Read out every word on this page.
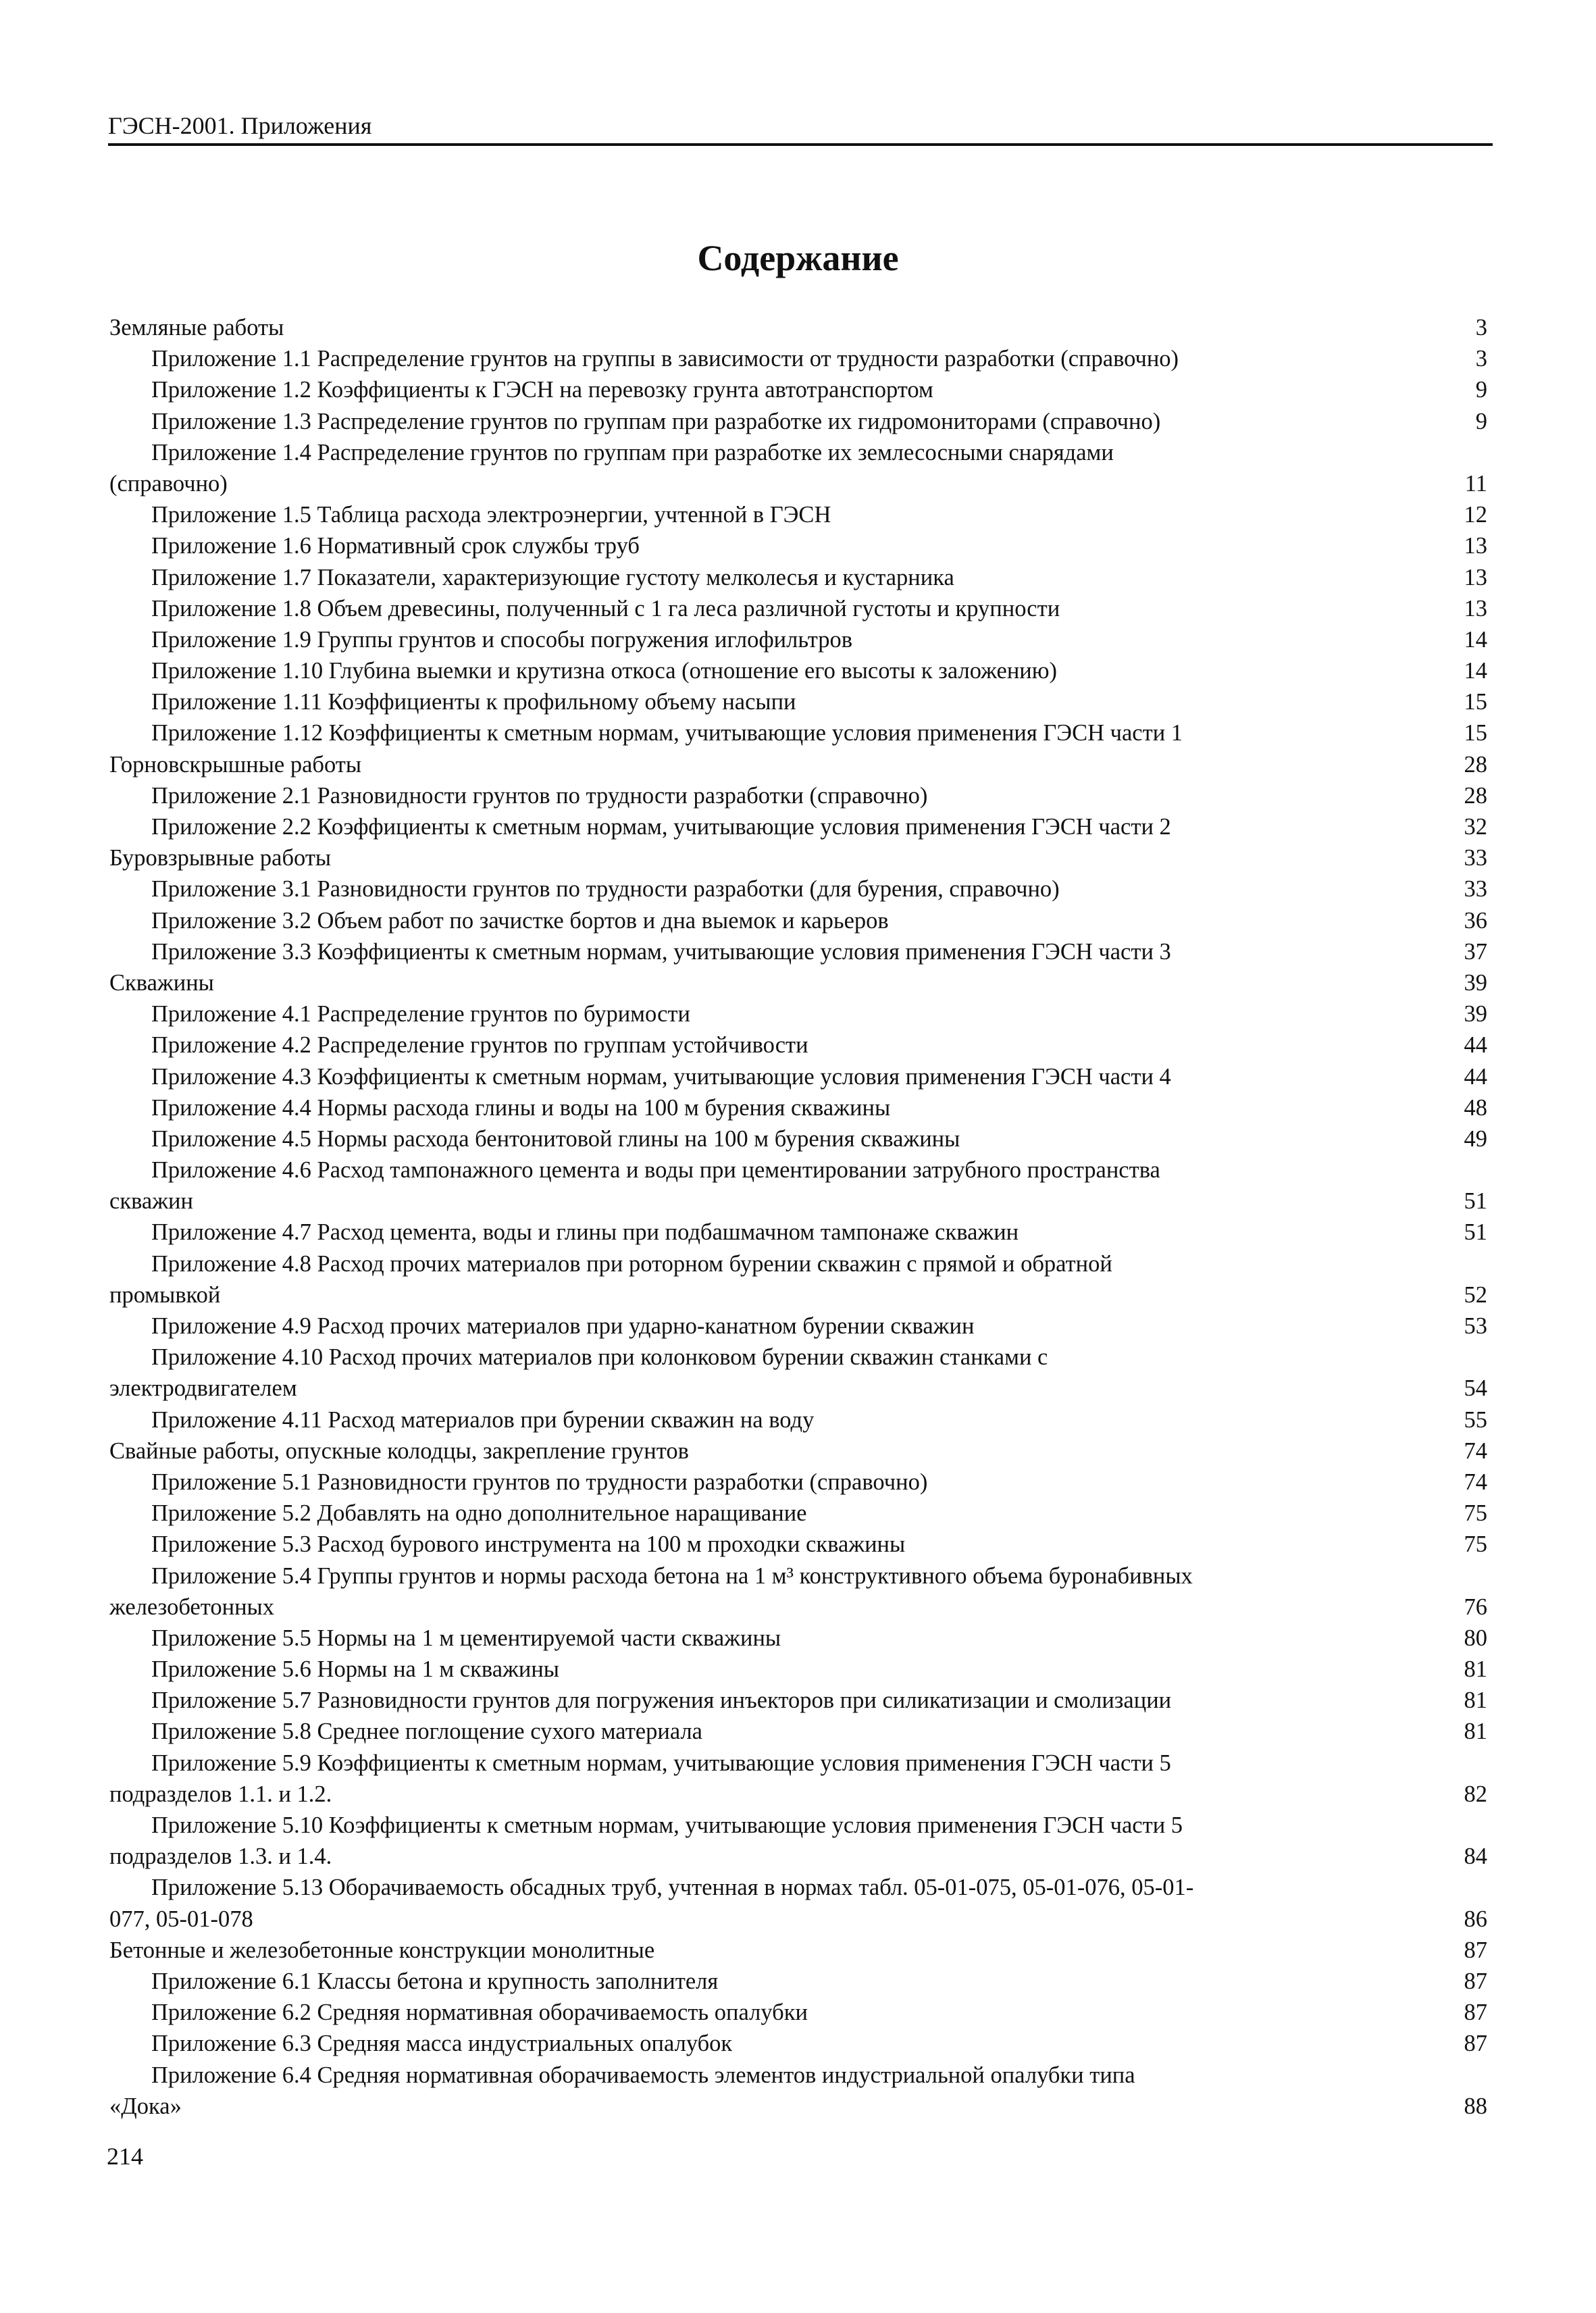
ГЭСН-2001. Приложения
Содержание
Земляные работы	3
Приложение 1.1 Распределение грунтов на группы в зависимости от трудности разработки (справочно)	3
Приложение 1.2 Коэффициенты к ГЭСН на перевозку грунта автотранспортом	9
Приложение 1.3 Распределение грунтов по группам при разработке их гидромониторами (справочно)	9
Приложение 1.4 Распределение грунтов по группам при разработке их землесосными снарядами
(справочно)	11
Приложение 1.5 Таблица расхода электроэнергии, учтенной в ГЭСН	12
Приложение 1.6 Нормативный срок службы труб	13
Приложение 1.7 Показатели, характеризующие густоту мелколесья и кустарника	13
Приложение 1.8 Объем древесины, полученный с 1 га леса различной густоты и крупности	13
Приложение 1.9 Группы грунтов и способы погружения иглофильтров	14
Приложение 1.10 Глубина выемки и крутизна откоса (отношение его высоты к заложению)	14
Приложение 1.11 Коэффициенты к профильному объему насыпи	15
Приложение 1.12 Коэффициенты к сметным нормам, учитывающие условия применения ГЭСН части 1	15
Горновскрышные работы	28
Приложение 2.1 Разновидности грунтов по трудности разработки (справочно)	28
Приложение 2.2 Коэффициенты к сметным нормам, учитывающие условия применения ГЭСН части 2	32
Буровзрывные работы	33
Приложение 3.1 Разновидности грунтов по трудности разработки (для бурения, справочно)	33
Приложение 3.2 Объем работ по зачистке бортов и дна выемок и карьеров	36
Приложение 3.3 Коэффициенты к сметным нормам, учитывающие условия применения ГЭСН части 3	37
Скважины	39
Приложение 4.1 Распределение грунтов по буримости	39
Приложение 4.2 Распределение грунтов по группам устойчивости	44
Приложение 4.3 Коэффициенты к сметным нормам, учитывающие условия применения ГЭСН части 4	44
Приложение 4.4 Нормы расхода глины и воды на 100 м бурения скважины	48
Приложение 4.5 Нормы расхода бентонитовой глины на 100 м бурения скважины	49
Приложение 4.6 Расход тампонажного цемента и воды при цементировании затрубного пространства
скважин	51
Приложение 4.7 Расход цемента, воды и глины при подбашмачном тампонаже скважин	51
Приложение 4.8 Расход прочих материалов при роторном бурении скважин с прямой и обратной
промывкой	52
Приложение 4.9 Расход прочих материалов при ударно-канатном бурении скважин	53
Приложение 4.10 Расход прочих материалов при колонковом бурении скважин станками с
электродвигателем	54
Приложение 4.11 Расход материалов при бурении скважин на воду	55
Свайные работы, опускные колодцы, закрепление грунтов	74
Приложение 5.1 Разновидности грунтов по трудности разработки (справочно)	74
Приложение 5.2 Добавлять на одно дополнительное наращивание	75
Приложение 5.3 Расход бурового инструмента на 100 м проходки скважины	75
Приложение 5.4 Группы грунтов и нормы расхода бетона на 1 м³ конструктивного объема буронабивных
железобетонных	76
Приложение 5.5 Нормы на 1 м цементируемой части скважины	80
Приложение 5.6 Нормы на 1 м скважины	81
Приложение 5.7 Разновидности грунтов для погружения инъекторов при силикатизации и смолизации	81
Приложение 5.8 Среднее поглощение сухого материала	81
Приложение 5.9 Коэффициенты к сметным нормам, учитывающие условия применения ГЭСН части 5
подразделов 1.1. и 1.2.	82
Приложение 5.10 Коэффициенты к сметным нормам, учитывающие условия применения ГЭСН части 5
подразделов 1.3. и 1.4.	84
Приложение 5.13 Оборачиваемость обсадных труб, учтенная в нормах табл. 05-01-075, 05-01-076, 05-01-
077, 05-01-078	86
Бетонные и железобетонные конструкции монолитные	87
Приложение 6.1 Классы бетона и крупность заполнителя	87
Приложение 6.2 Средняя нормативная оборачиваемость опалубки	87
Приложение 6.3 Средняя масса индустриальных опалубок	87
Приложение 6.4 Средняя нормативная оборачиваемость элементов индустриальной опалубки типа
«Дока»	88
214
